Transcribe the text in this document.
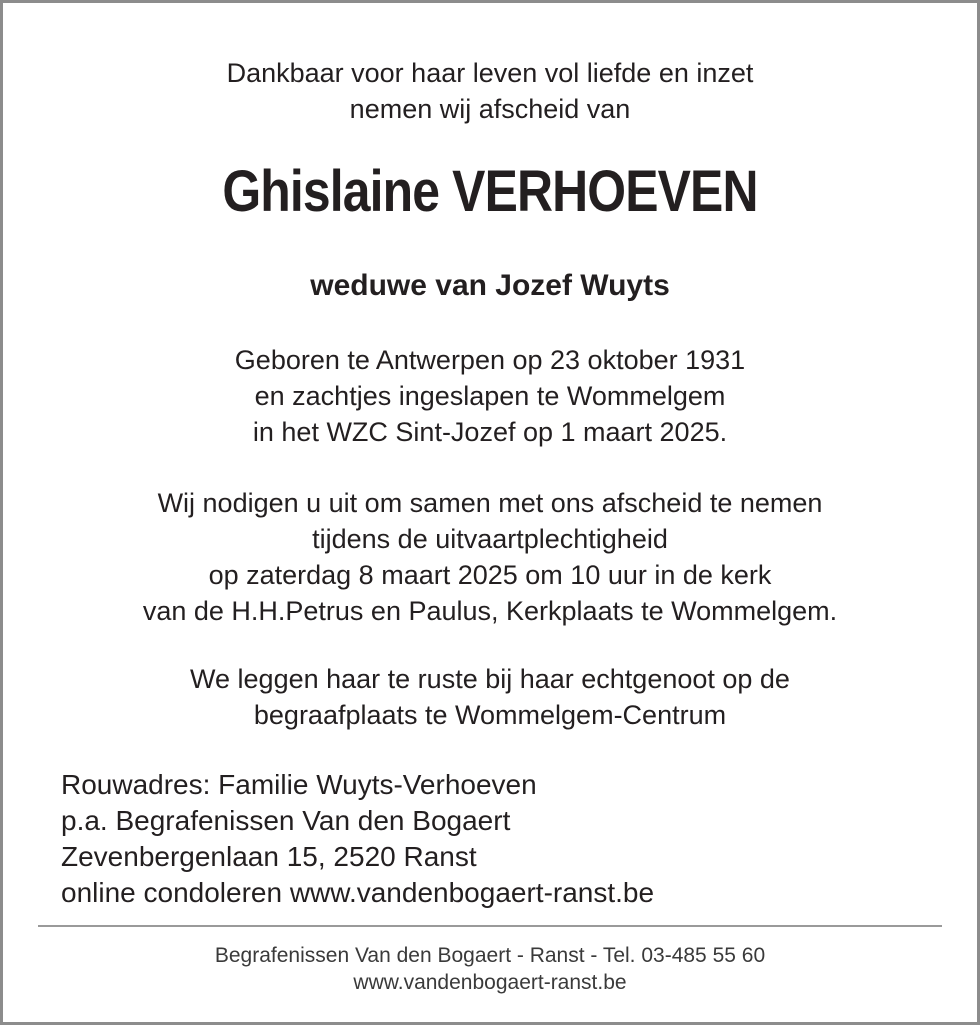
Dankbaar voor haar leven vol liefde en inzet
nemen wij afscheid van
Ghislaine VERHOEVEN
weduwe van Jozef Wuyts
Geboren te Antwerpen op 23 oktober 1931
en zachtjes ingeslapen te Wommelgem
in het WZC Sint-Jozef op 1 maart 2025.
Wij nodigen u uit om samen met ons afscheid te nemen
tijdens de uitvaartplechtigheid
op zaterdag 8 maart 2025 om 10 uur in de kerk
van de H.H.Petrus en Paulus, Kerkplaats te Wommelgem.
We leggen haar te ruste bij haar echtgenoot op de
begraafplaats te Wommelgem-Centrum
Rouwadres: Familie Wuyts-Verhoeven
p.a. Begrafenissen Van den Bogaert
Zevenbergenlaan 15, 2520 Ranst
online condoleren www.vandenbogaert-ranst.be
Begrafenissen Van den Bogaert - Ranst - Tel. 03-485 55 60
www.vandenbogaert-ranst.be
